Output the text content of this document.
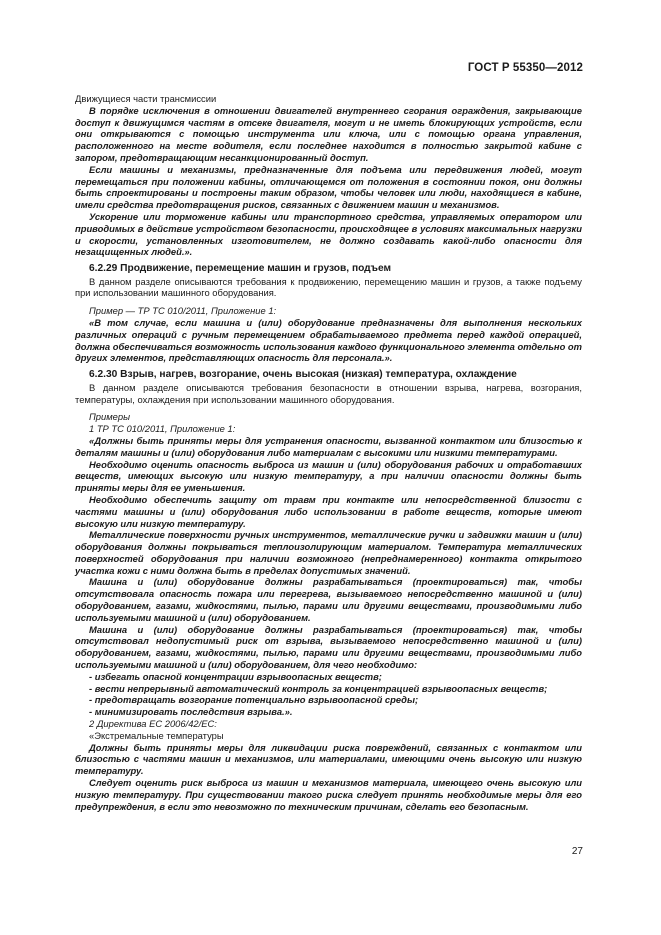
ГОСТ Р 55350—2012

Движущиеся части трансмиссии

В порядке исключения в отношении двигателей внутреннего сгорания ограждения, закрывающие доступ к движущимся частям в отсеке двигателя, могут и не иметь блокирующих устройств, если они открываются с помощью инструмента или ключа, или с помощью органа управления, расположенного на месте водителя, если последнее находится в полностью закрытой кабине с запором, предотвращающим несанкционированный доступ.

Если машины и механизмы, предназначенные для подъема или передвижения людей, могут перемещаться при положении кабины, отличающемся от положения в состоянии покоя, они должны быть спроектированы и построены таким образом, чтобы человек или люди, находящиеся в кабине, имели средства предотвращения рисков, связанных с движением машин и механизмов.

Ускорение или торможение кабины или транспортного средства, управляемых оператором или приводимых в действие устройством безопасности, происходящее в условиях максимальных нагрузки и скорости, установленных изготовителем, не должно создавать какой-либо опасности для незащищенных людей.».

6.2.29 Продвижение, перемещение машин и грузов, подъем

В данном разделе описываются требования к продвижению, перемещению машин и грузов, а также подъему при использовании машинного оборудования.

Пример — ТР ТС 010/2011, Приложение 1:

«В том случае, если машина и (или) оборудование предназначены для выполнения нескольких различных операций с ручным перемещением обрабатываемого предмета перед каждой операцией, должна обеспечиваться возможность использования каждого функционального элемента отдельно от других элементов, представляющих опасность для персонала.».

6.2.30 Взрыв, нагрев, возгорание, очень высокая (низкая) температура, охлаждение

В данном разделе описываются требования безопасности в отношении взрыва, нагрева, возгорания, температуры, охлаждения при использовании машинного оборудования.

Примеры

1 ТР ТС 010/2011, Приложение 1:

«Должны быть приняты меры для устранения опасности, вызванной контактом или близостью к деталям машины и (или) оборудования либо материалам с высокими или низкими температурами.

Необходимо оценить опасность выброса из машин и (или) оборудования рабочих и отработавших веществ, имеющих высокую или низкую температуру, а при наличии опасности должны быть приняты меры для ее уменьшения.

Необходимо обеспечить защиту от травм при контакте или непосредственной близости с частями машины и (или) оборудования либо использовании в работе веществ, которые имеют высокую или низкую температуру.

Металлические поверхности ручных инструментов, металлические ручки и задвижки машин и (или) оборудования должны покрываться теплоизолирующим материалом. Температура металлических поверхностей оборудования при наличии возможного (непреднамеренного) контакта открытого участка кожи с ними должна быть в пределах допустимых значений.

Машина и (или) оборудование должны разрабатываться (проектироваться) так, чтобы отсутствовала опасность пожара или перегрева, вызываемого непосредственно машиной и (или) оборудованием, газами, жидкостями, пылью, парами или другими веществами, производимыми либо используемыми машиной и (или) оборудованием.

Машина и (или) оборудование должны разрабатываться (проектироваться) так, чтобы отсутствовал недопустимый риск от взрыва, вызываемого непосредственно машиной и (или) оборудованием, газами, жидкостями, пылью, парами или другими веществами, производимыми либо используемыми машиной и (или) оборудованием, для чего необходимо:

- избегать опасной концентрации взрывоопасных веществ;

- вести непрерывный автоматический контроль за концентрацией взрывоопасных веществ;

- предотвращать возгорание потенциально взрывоопасной среды;

- минимизировать последствия взрыва.».

2 Директива ЕС 2006/42/ЕС:

«Экстремальные температуры

Должны быть приняты меры для ликвидации риска повреждений, связанных с контактом или близостью с частями машин и механизмов, или материалами, имеющими очень высокую или низкую температуру.

Следует оценить риск выброса из машин и механизмов материала, имеющего очень высокую или низкую температуру. При существовании такого риска следует принять необходимые меры для его предупреждения, в если это невозможно по техническим причинам, сделать его безопасным.

27
